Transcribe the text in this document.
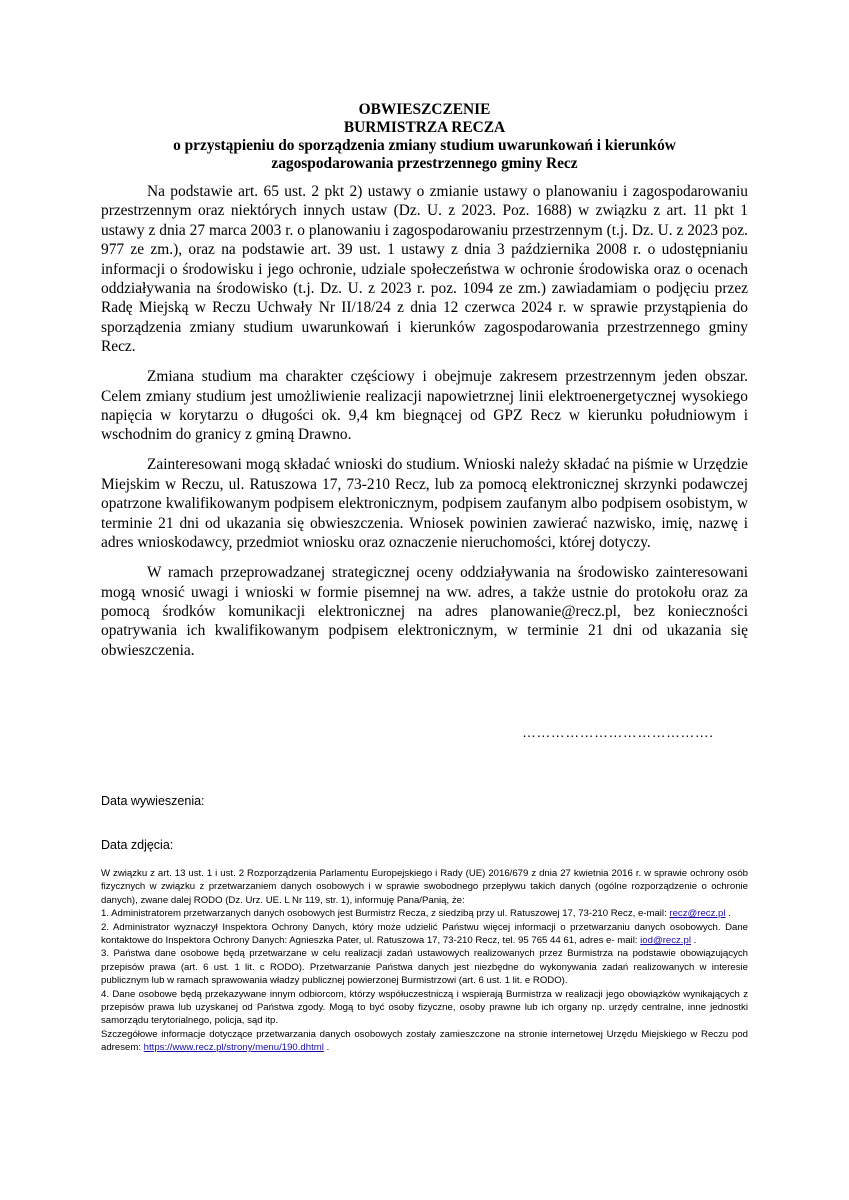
OBWIESZCZENIE
BURMISTRZA RECZA
o przystąpieniu do sporządzenia zmiany studium uwarunkowań i kierunków
zagospodarowania przestrzennego gminy Recz

Na podstawie art. 65 ust. 2 pkt 2) ustawy o zmianie ustawy o planowaniu i zagospodarowaniu przestrzennym oraz niektórych innych ustaw (Dz. U. z 2023. Poz. 1688) w związku z art. 11 pkt 1 ustawy z dnia 27 marca 2003 r. o planowaniu i zagospodarowaniu przestrzennym (t.j. Dz. U. z 2023 poz. 977 ze zm.), oraz na podstawie art. 39 ust. 1 ustawy z dnia 3 października 2008 r. o udostępnianiu informacji o środowisku i jego ochronie, udziale społeczeństwa w ochronie środowiska oraz o ocenach oddziaływania na środowisko (t.j. Dz. U. z 2023 r. poz. 1094 ze zm.) zawiadamiam o podjęciu przez Radę Miejską w Reczu Uchwały Nr II/18/24 z dnia 12 czerwca 2024 r. w sprawie przystąpienia do sporządzenia zmiany studium uwarunkowań i kierunków zagospodarowania przestrzennego gminy Recz.

Zmiana studium ma charakter częściowy i obejmuje zakresem przestrzennym jeden obszar. Celem zmiany studium jest umożliwienie realizacji napowietrznej linii elektroenergetycznej wysokiego napięcia w korytarzu o długości ok. 9,4 km biegnącej od GPZ Recz w kierunku południowym i wschodnim do granicy z gminą Drawno.

Zainteresowani mogą składać wnioski do studium. Wnioski należy składać na piśmie w Urzędzie Miejskim w Reczu, ul. Ratuszowa 17, 73-210 Recz, lub za pomocą elektronicznej skrzynki podawczej opatrzone kwalifikowanym podpisem elektronicznym, podpisem zaufanym albo podpisem osobistym, w terminie 21 dni od ukazania się obwieszczenia. Wniosek powinien zawierać nazwisko, imię, nazwę i adres wnioskodawcy, przedmiot wniosku oraz oznaczenie nieruchomości, której dotyczy.

W ramach przeprowadzanej strategicznej oceny oddziaływania na środowisko zainteresowani mogą wnosić uwagi i wnioski w formie pisemnej na ww. adres, a także ustnie do protokołu oraz za pomocą środków komunikacji elektronicznej na adres planowanie@recz.pl, bez konieczności opatrywania ich kwalifikowanym podpisem elektronicznym, w terminie 21 dni od ukazania się obwieszczenia.

………………………………….
Data wywieszenia:
Data zdjęcia:

W związku z art. 13 ust. 1 i ust. 2 Rozporządzenia Parlamentu Europejskiego i Rady (UE) 2016/679 z dnia 27 kwietnia 2016 r. w sprawie ochrony osób fizycznych w związku z przetwarzaniem danych osobowych i w sprawie swobodnego przepływu takich danych (ogólne rozporządzenie o ochronie danych), zwane dalej RODO (Dz. Urz. UE. L Nr 119, str. 1), informuję Pana/Panią, że:

1. Administratorem przetwarzanych danych osobowych jest Burmistrz Recza, z siedzibą przy ul. Ratuszowej 17, 73-210 Recz, e-mail: recz@recz.pl .

2. Administrator wyznaczył Inspektora Ochrony Danych, który może udzielić Państwu więcej informacji o przetwarzaniu danych osobowych. Dane kontaktowe do Inspektora Ochrony Danych: Agnieszka Pater, ul. Ratuszowa 17, 73-210 Recz, tel. 95 765 44 61, adres e- mail: iod@recz.pl .

3. Państwa dane osobowe będą przetwarzane w celu realizacji zadań ustawowych realizowanych przez Burmistrza na podstawie obowiązujących przepisów prawa (art. 6 ust. 1 lit. c RODO). Przetwarzanie Państwa danych jest niezbędne do wykonywania zadań realizowanych w interesie publicznym lub w ramach sprawowania władzy publicznej powierzonej Burmistrzowi (art. 6 ust. 1 lit. e RODO).

4. Dane osobowe będą przekazywane innym odbiorcom, którzy współuczestniczą i wspierają Burmistrza w realizacji jego obowiązków wynikających z przepisów prawa lub uzyskanej od Państwa zgody. Mogą to być osoby fizyczne, osoby prawne lub ich organy np. urzędy centralne, inne jednostki samorządu terytorialnego, policja, sąd itp.

Szczegółowe informacje dotyczące przetwarzania danych osobowych zostały zamieszczone na stronie internetowej Urzędu Miejskiego w Reczu pod adresem: https://www.recz.pl/strony/menu/190.dhtml .
